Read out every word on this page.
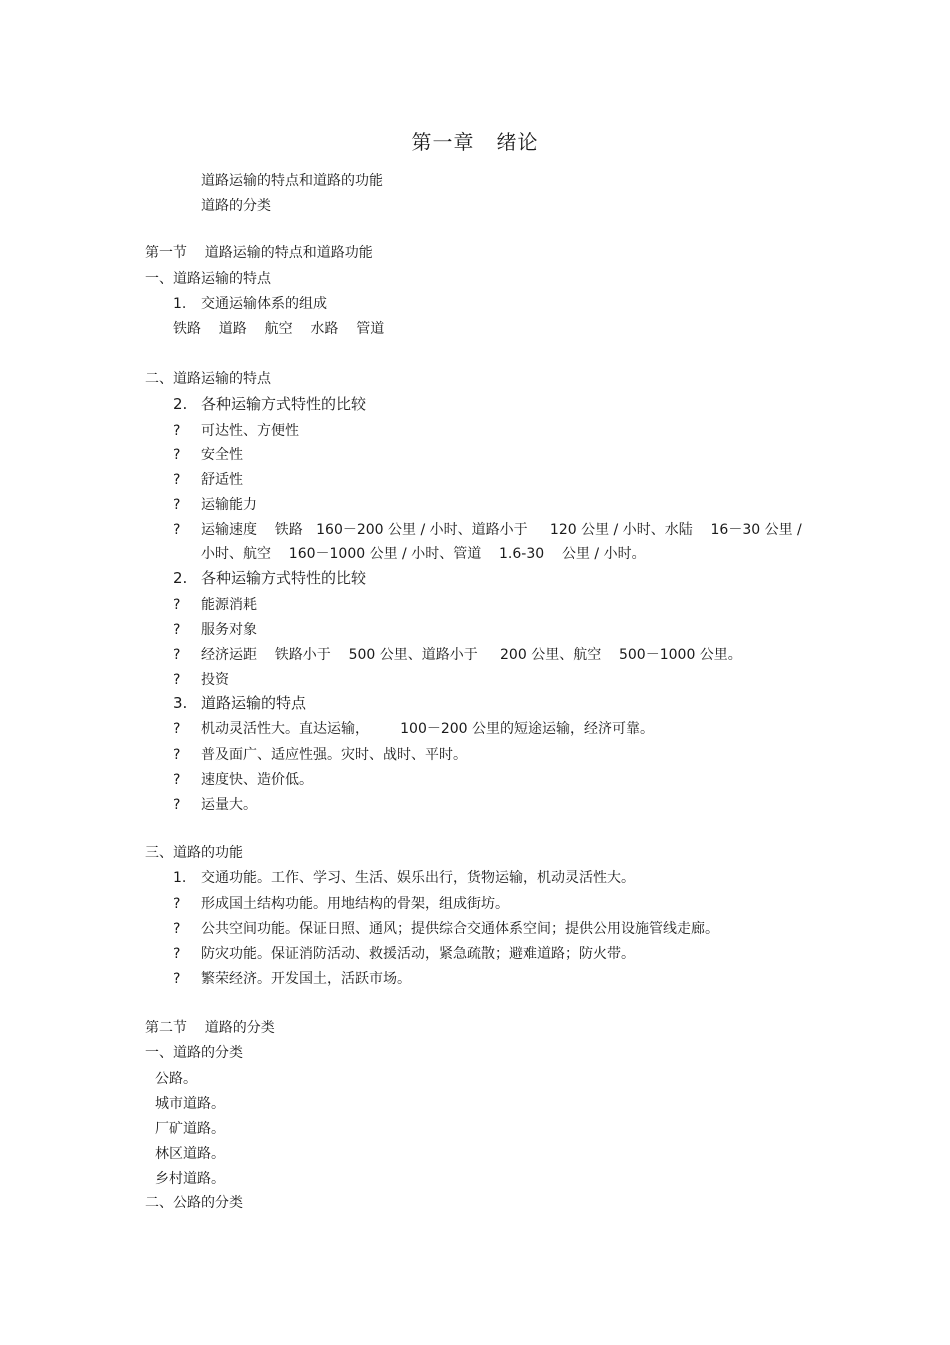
第一章   绪论
道路运输的特点和道路的功能
道路的分类
第一节    道路运输的特点和道路功能
一、道路运输的特点
1. 交通运输体系的组成
铁路    道路    航空    水路    管道
二、道路运输的特点
2. 各种运输方式特性的比较
? 可达性、方便性
? 安全性
? 舒适性
? 运输能力
? 运输速度    铁路   160－200 公里 / 小时、道路小于     120 公里 / 小时、水陆    16－30 公里 /
小时、航空    160－1000 公里 / 小时、管道    1.6-30    公里 / 小时。
2. 各种运输方式特性的比较
? 能源消耗
? 服务对象
? 经济运距    铁路小于    500 公里、道路小于     200 公里、航空    500－1000 公里。
? 投资
3. 道路运输的特点
? 机动灵活性大。直达运输，       100－200 公里的短途运输，经济可靠。
? 普及面广、适应性强。灾时、战时、平时。
? 速度快、造价低。
? 运量大。
三、道路的功能
1. 交通功能。工作、学习、生活、娱乐出行，货物运输，机动灵活性大。
? 形成国土结构功能。用地结构的骨架，组成街坊。
? 公共空间功能。保证日照、通风；提供综合交通体系空间；提供公用设施管线走廊。
? 防灾功能。保证消防活动、救援活动，紧急疏散；避难道路；防火带。
? 繁荣经济。开发国土，活跃市场。
第二节    道路的分类
一、道路的分类
公路。
城市道路。
厂矿道路。
林区道路。
乡村道路。
二、公路的分类
